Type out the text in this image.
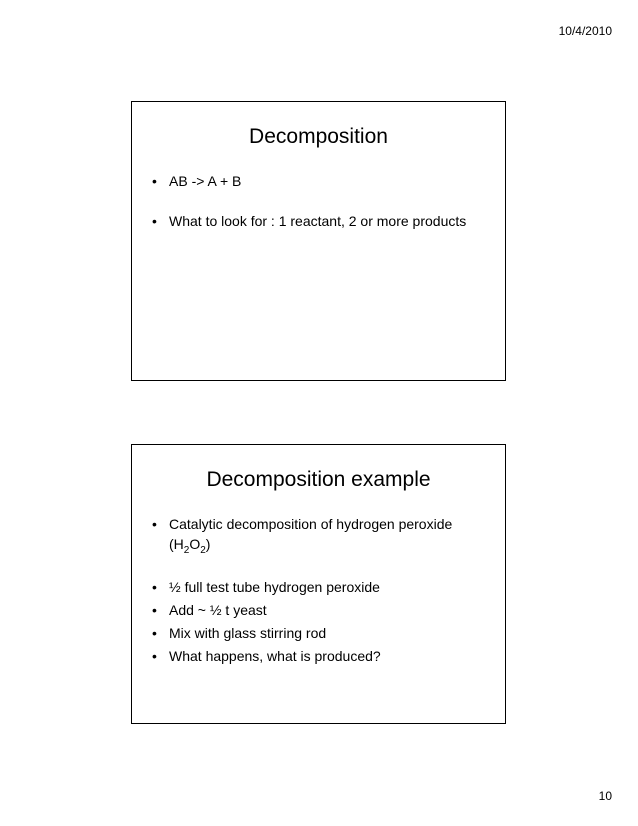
10/4/2010
Decomposition
• AB -> A + B
• What to look for : 1 reactant, 2 or more products
Decomposition example
• Catalytic decomposition of hydrogen peroxide
$(H_2O_2)$
• ½ full test tube hydrogen peroxide
• Add ~ ½ t yeast
• Mix with glass stirring rod
• What happens, what is produced?
10
